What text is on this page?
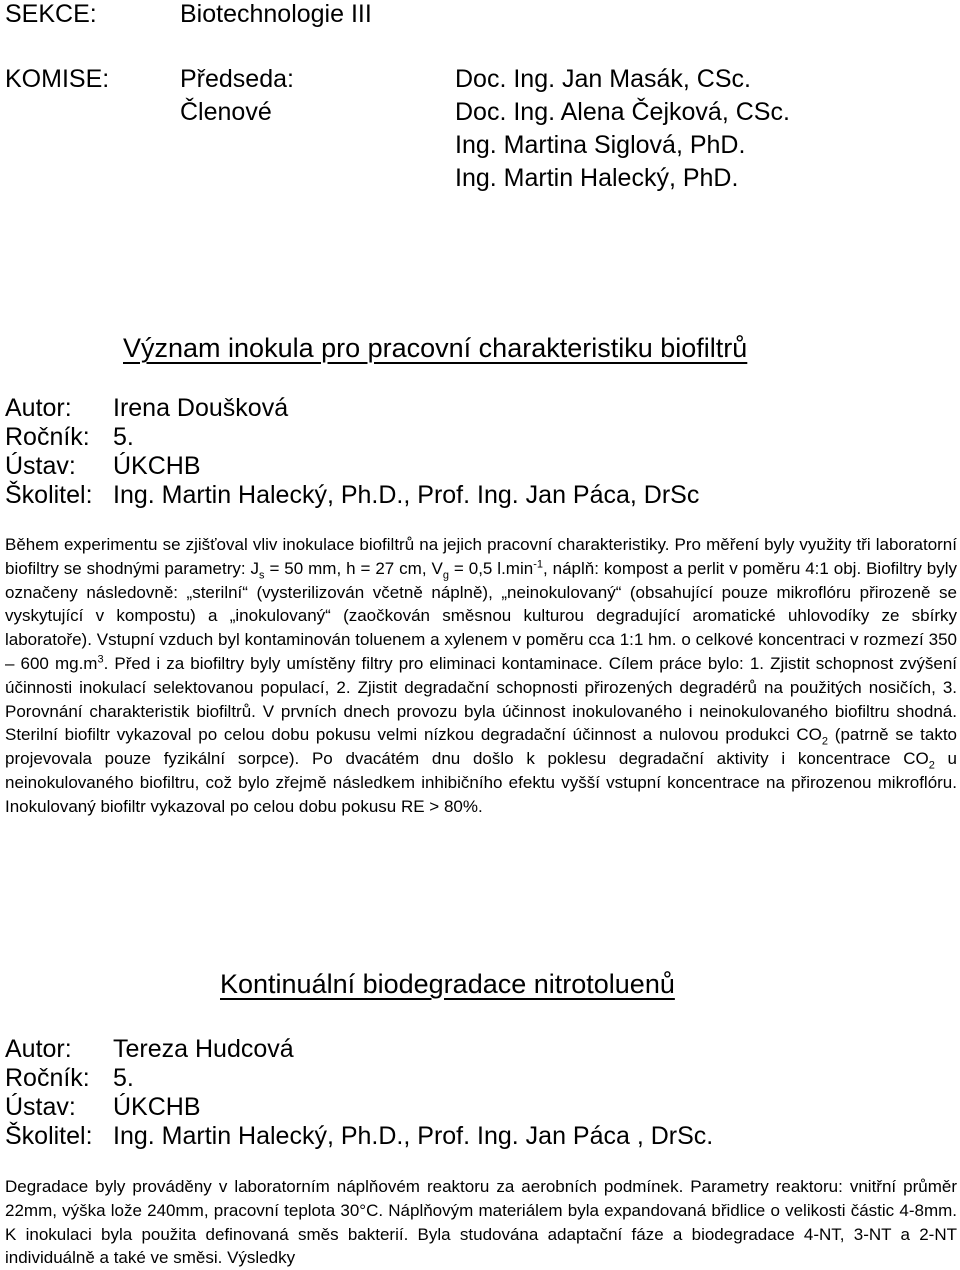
SEKCE:	Biotechnologie III
KOMISE:	Předseda:
Členové
Doc. Ing. Jan Masák, CSc.
Doc. Ing. Alena Čejková, CSc.
Ing. Martina Siglová, PhD.
Ing. Martin Halecký, PhD.
Význam inokula pro pracovní charakteristiku biofiltrů
Autor: Irena Doušková
Ročník: 5.
Ústav: ÚKCHB
Školitel: Ing. Martin Halecký, Ph.D., Prof. Ing. Jan Páca, DrSc
Během experimentu se zjišťoval vliv inokulace biofiltrů na jejich pracovní charakteristiky. Pro měření byly využity tři laboratorní biofiltry se shodnými parametry: $J_s = 50$ mm, h = 27 cm, $V_g = 0,5$ $l.\min^{-1}$, náplň: kompost a perlit v poměru 4:1 obj. Biofiltry byly označeny následovně: „sterilní“ (vysterilizován včetně náplně), „neinokulovaný“ (obsahující pouze mikroflóru přirozeně se vyskytující v kompostu) a „inokulovaný“ (zaočkován směsnou kulturou degradující aromatické uhlovodíky ze sbírky laboratoře). Vstupní vzduch byl kontaminován toluenem a xylenem v poměru cca 1:1 hm. o celkové koncentraci v rozmezí 350 – 600 $mg.m^3$. Před i za biofiltry byly umístěny filtry pro eliminaci kontaminace. Cílem práce bylo: 1. Zjistit schopnost zvýšení účinnosti inokulací selektovanou populací, 2. Zjistit degradační schopnosti přirozených degradérů na použitých nosičích, 3. Porovnání charakteristik biofiltrů. V prvních dnech provozu byla účinnost inokulovaného i neinokulovaného biofiltru shodná. Sterilní biofiltr vykazoval po celou dobu pokusu velmi nízkou degradační účinnost a nulovou produkci $CO_2$ (patrně se takto projevovala pouze fyzikální sorpce). Po dvacátém dnu došlo k poklesu degradační aktivity i koncentrace $CO_2$ u neinokulovaného biofiltru, což bylo zřejmě následkem inhibičního efektu vyšší vstupní koncentrace na přirozenou mikroflóru. Inokulovaný biofiltr vykazoval po celou dobu pokusu RE > 80%.
Kontinuální biodegradace nitrotoluenů
Autor: Tereza Hudcová
Ročník: 5.
Ústav: ÚKCHB
Školitel: Ing. Martin Halecký, Ph.D., Prof. Ing. Jan Páca , DrSc.
Degradace byly prováděny v laboratorním náplňovém reaktoru za aerobních podmínek. Parametry reaktoru: vnitřní průměr 22mm, výška lože 240mm, pracovní teplota 30°C. Náplňovým materiálem byla expandovaná břidlice o velikosti částic 4-8mm. K inokulaci byla použita definovaná směs bakterií. Byla studována adaptační fáze a biodegradace 4-NT, 3-NT a 2-NT individuálně a také ve směsi. Výsledky
